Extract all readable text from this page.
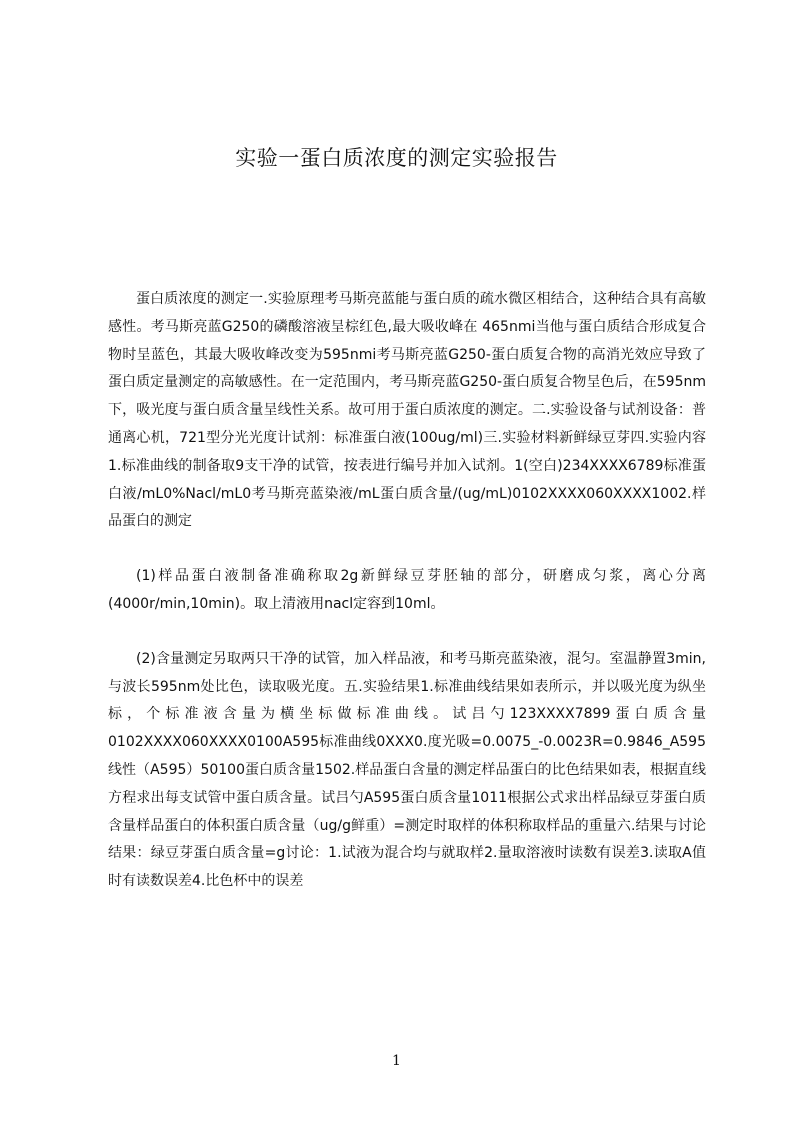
实验一蛋白质浓度的测定实验报告

蛋白质浓度的测定一.实验原理考马斯亮蓝能与蛋白质的疏水微区相结合，这种结合具有高敏感性。考马斯亮蓝G250的磷酸溶液呈棕红色,最大吸收峰在 465nmi当他与蛋白质结合形成复合物时呈蓝色，其最大吸收峰改变为595nmi考马斯亮蓝G250-蛋白质复合物的高消光效应导致了蛋白质定量测定的高敏感性。在一定范围内，考马斯亮蓝G250-蛋白质复合物呈色后，在595nm下，吸光度与蛋白质含量呈线性关系。故可用于蛋白质浓度的测定。二.实验设备与试剂设备：普通离心机，721型分光光度计试剂：标准蛋白液(100ug/ml)三.实验材料新鲜绿豆芽四.实验内容1.标准曲线的制备取9支干净的试管，按表进行编号并加入试剂。1(空白)234XXXX6789标准蛋白液/mL0%Nacl/mL0考马斯亮蓝染液/mL蛋白质含量/(ug/mL)0102XXXX060XXXX1002.样品蛋白的测定

(1)样品蛋白液制备准确称取2g新鲜绿豆芽胚轴的部分，研磨成匀浆，离心分离(4000r/min,10min)。取上清液用nacl定容到10ml。

(2)含量测定另取两只干净的试管，加入样品液，和考马斯亮蓝染液，混匀。室温静置3min,与波长595nm处比色，读取吸光度。五.实验结果1.标准曲线结果如表所示，并以吸光度为纵坐标，个标准液含量为横坐标做标准曲线。试吕勺123XXXX7899蛋白质含量0102XXXX060XXXX0100A595标准曲线0XXX0.度光吸=0.0075_-0.0023R=0.9846_A595线性（A595）50100蛋白质含量1502.样品蛋白含量的测定样品蛋白的比色结果如表，根据直线方程求出每支试管中蛋白质含量。试吕勺A595蛋白质含量1011根据公式求出样品绿豆芽蛋白质含量样品蛋白的体积蛋白质含量（ug/g鲜重）=测定时取样的体积称取样品的重量六.结果与讨论结果：绿豆芽蛋白质含量=g讨论：1.试液为混合均与就取样2.量取溶液时读数有误差3.读取A值时有读数误差4.比色杯中的误差

1
